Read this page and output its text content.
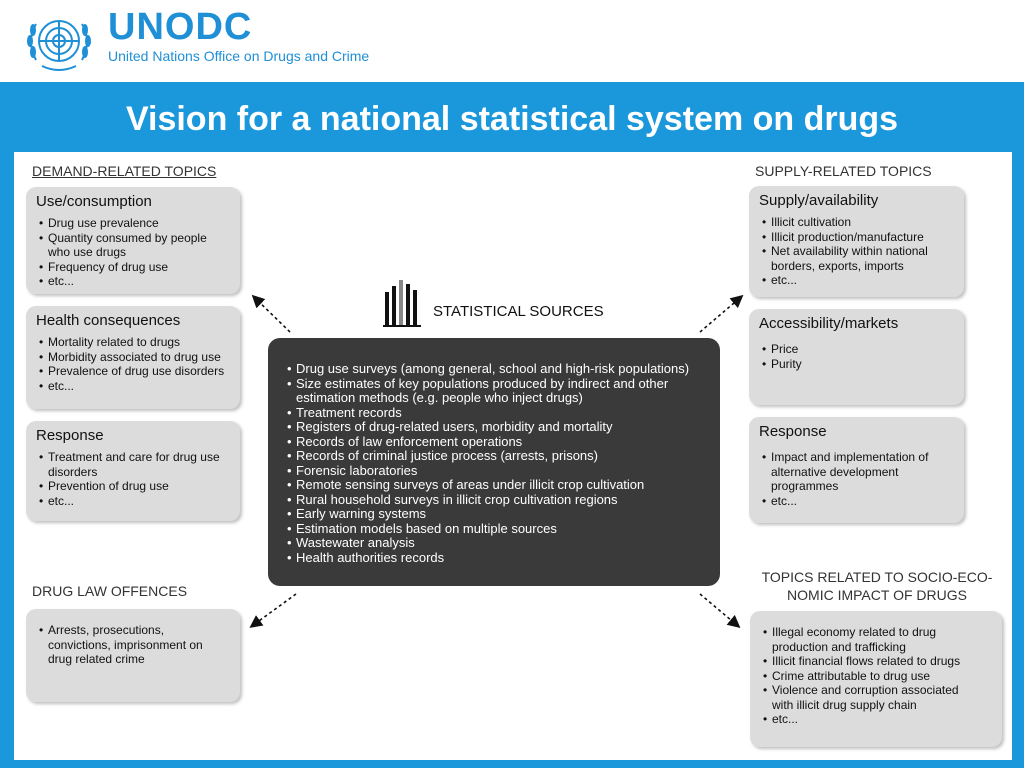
UNODC
United Nations Office on Drugs and Crime
Vision for a national statistical system on drugs
DEMAND-RELATED TOPICS
Use/consumption
• Drug use prevalence
• Quantity consumed by people who use drugs
• Frequency of drug use
• etc...
Health consequences
• Mortality related to drugs
• Morbidity associated to drug use
• Prevalence of drug use disorders
• etc...
Response
• Treatment and care for drug use disorders
• Prevention of drug use
• etc...
DRUG LAW OFFENCES
• Arrests, prosecutions, convictions, imprisonment on drug related crime
SUPPLY-RELATED TOPICS
Supply/availability
• Illicit cultivation
• Illicit production/manufacture
• Net availability within national borders, exports, imports
• etc...
Accessibility/markets
• Price
• Purity
Response
• Impact and implementation of alternative development programmes
• etc...
TOPICS RELATED TO SOCIO-ECO-
NOMIC IMPACT OF DRUGS
• Illegal economy related to drug production and trafficking
• Illicit financial flows related to drugs
• Crime attributable to drug use
• Violence and corruption associated with illicit drug supply chain
• etc...
STATISTICAL SOURCES
• Drug use surveys (among general, school and high-risk populations)
• Size estimates of key populations produced by indirect and other estimation methods (e.g. people who inject drugs)
• Treatment records
• Registers of drug-related users, morbidity and mortality
• Records of law enforcement operations
• Records of criminal justice process (arrests, prisons)
• Forensic laboratories
• Remote sensing surveys of areas under illicit crop cultivation
• Rural household surveys in illicit crop cultivation regions
• Early warning systems
• Estimation models based on multiple sources
• Wastewater analysis
• Health authorities records
